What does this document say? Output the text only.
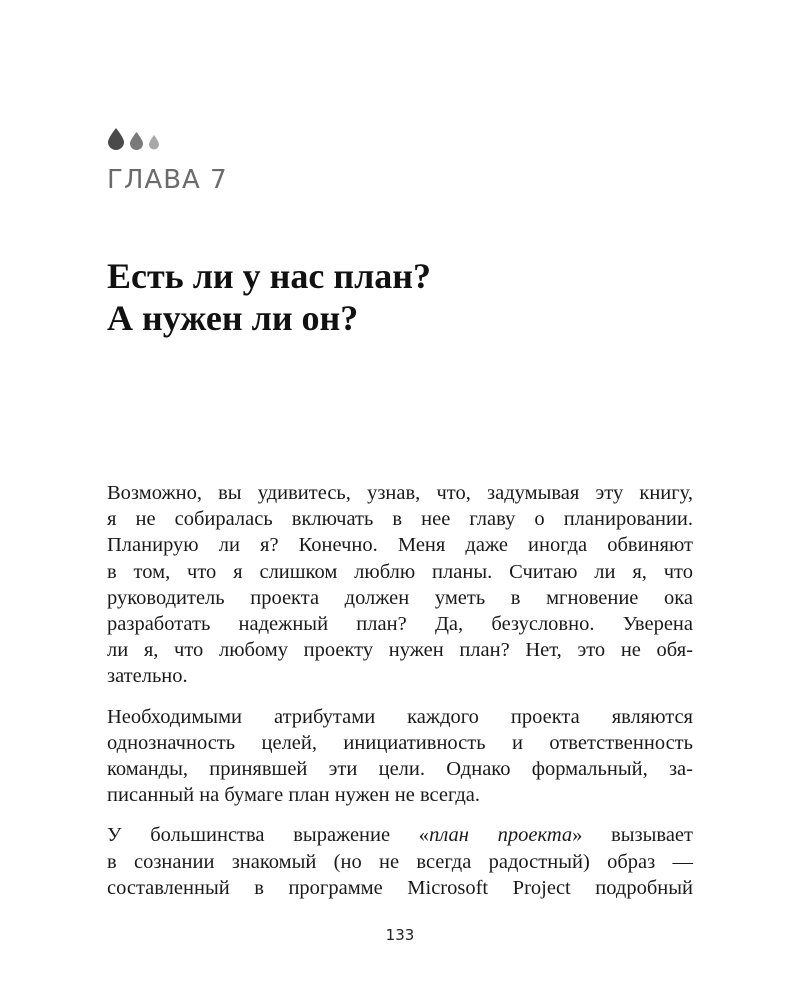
ГЛАВА 7
Есть ли у нас план?
А нужен ли он?

Возможно, вы удивитесь, узнав, что, задумывая эту книгу,
я не собиралась включать в нее главу о планировании.
Планирую ли я? Конечно. Меня даже иногда обвиняют
в том, что я слишком люблю планы. Считаю ли я, что
руководитель проекта должен уметь в мгновение ока
разработать надежный план? Да, безусловно. Уверена
ли я, что любому проекту нужен план? Нет, это не обя-
зательно.

Необходимыми атрибутами каждого проекта являются
однозначность целей, инициативность и ответственность
команды, принявшей эти цели. Однако формальный, за-
писанный на бумаге план нужен не всегда.

У большинства выражение «план проекта» вызывает
в сознании знакомый (но не всегда радостный) образ —
составленный в программе Microsoft Project подробный

133
